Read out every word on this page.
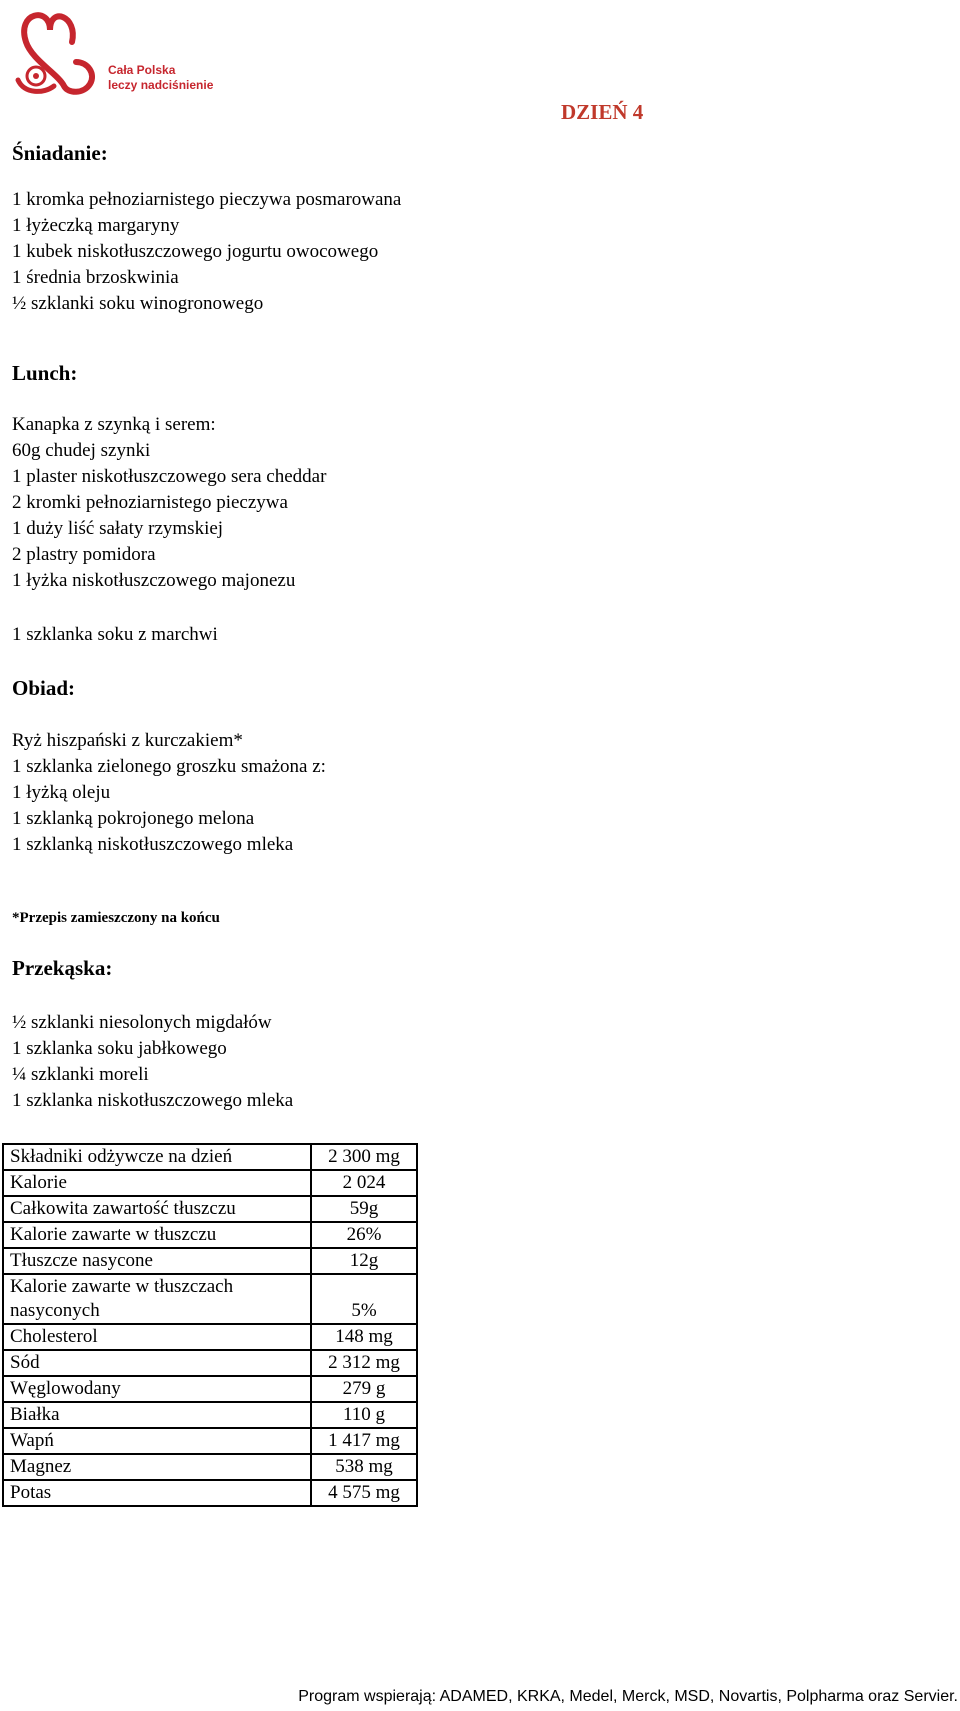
Cała Polska
leczy nadciśnienie
DZIEŃ 4
Śniadanie:
1 kromka pełnoziarnistego pieczywa posmarowana
1 łyżeczką margaryny
1 kubek niskotłuszczowego jogurtu owocowego
1 średnia brzoskwinia
½ szklanki soku winogronowego
Lunch:
Kanapka z szynką i serem:
60g chudej szynki
1 plaster niskotłuszczowego sera cheddar
2 kromki pełnoziarnistego pieczywa
1 duży liść sałaty rzymskiej
2 plastry pomidora
1 łyżka niskotłuszczowego majonezu
1 szklanka soku z marchwi
Obiad:
Ryż hiszpański z kurczakiem*
1 szklanka zielonego groszku smażona z:
1 łyżką oleju
1 szklanką pokrojonego melona
1 szklanką niskotłuszczowego mleka
*Przepis zamieszczony na końcu
Przekąska:
½ szklanki niesolonych migdałów
1 szklanka soku jabłkowego
¼ szklanki moreli
1 szklanka niskotłuszczowego mleka
Składniki odżywcze na dzień	2 300 mg
Kalorie	2 024
Całkowita zawartość tłuszczu	59g
Kalorie zawarte w tłuszczu	26%
Tłuszcze nasycone	12g
Kalorie zawarte w tłuszczach nasyconych	5%
Cholesterol	148 mg
Sód	2 312 mg
Węglowodany	279 g
Białka	110 g
Wapń	1 417 mg
Magnez	538 mg
Potas	4 575 mg
Program wspierają: ADAMED, KRKA, Medel, Merck, MSD, Novartis, Polpharma oraz Servier.
